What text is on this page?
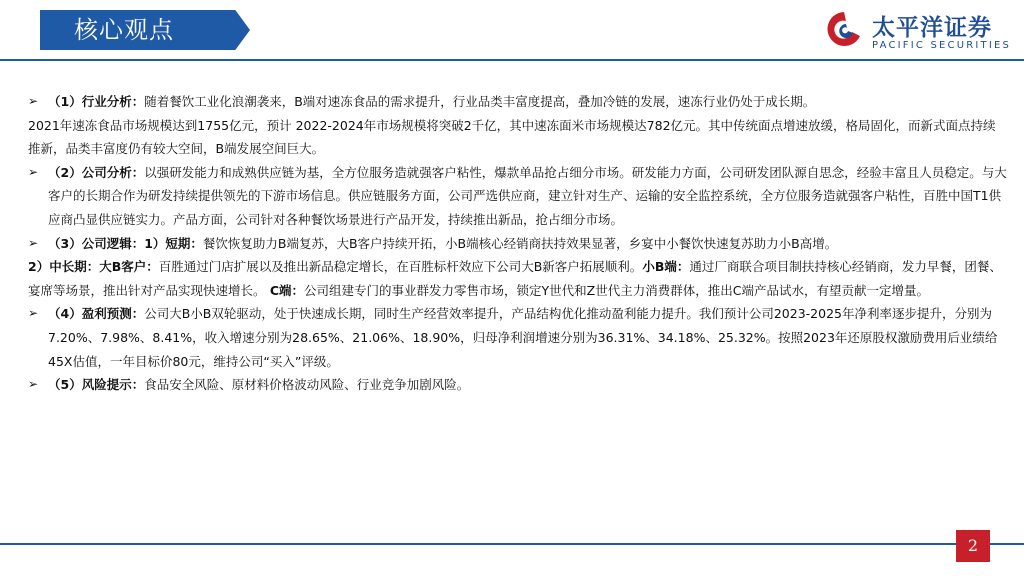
核心观点	太平洋证券
PACIFIC SECURITIES
➢ （1）行业分析：随着餐饮工业化浪潮袭来，B端对速冻食品的需求提升，行业品类丰富度提高，叠加冷链的发展，速冻行业仍处于成长期。
2021年速冻食品市场规模达到1755亿元，预计 2022-2024年市场规模将突破2千亿，其中速冻面米市场规模达782亿元。其中传统面点增速放缓，格局固化，而新式面点持续推新，品类丰富度仍有较大空间，B端发展空间巨大。
➢ （2）公司分析：以强研发能力和成熟供应链为基，全方位服务造就强客户粘性，爆款单品抢占细分市场。研发能力方面，公司研发团队源自思念，经验丰富且人员稳定。与大客户的长期合作为研发持续提供领先的下游市场信息。供应链服务方面，公司严选供应商，建立针对生产、运输的安全监控系统，全方位服务造就强客户粘性，百胜中国T1供应商凸显供应链实力。产品方面，公司针对各种餐饮场景进行产品开发，持续推出新品，抢占细分市场。
➢ （3）公司逻辑：1）短期：餐饮恢复助力B端复苏，大B客户持续开拓，小B端核心经销商扶持效果显著，乡宴中小餐饮快速复苏助力小B高增。
2）中长期：大B客户：百胜通过门店扩展以及推出新品稳定增长，在百胜标杆效应下公司大B新客户拓展顺利。小B端：通过厂商联合项目制扶持核心经销商，发力早餐，团餐、宴席等场景，推出针对产品实现快速增长。 C端：公司组建专门的事业群发力零售市场，锁定Y世代和Z世代主力消费群体，推出C端产品试水，有望贡献一定增量。
➢ （4）盈利预测：公司大B小B双轮驱动，处于快速成长期，同时生产经营效率提升，产品结构优化推动盈利能力提升。我们预计公司2023-2025年净利率逐步提升，分别为7.20%、7.98%、8.41%，收入增速分别为28.65%、21.06%、18.90%，归母净利润增速分别为36.31%、34.18%、25.32%。按照2023年还原股权激励费用后业绩给45X估值，一年目标价80元，维持公司“买入”评级。
➢ （5）风险提示：食品安全风险、原材料价格波动风险、行业竞争加剧风险。
2
